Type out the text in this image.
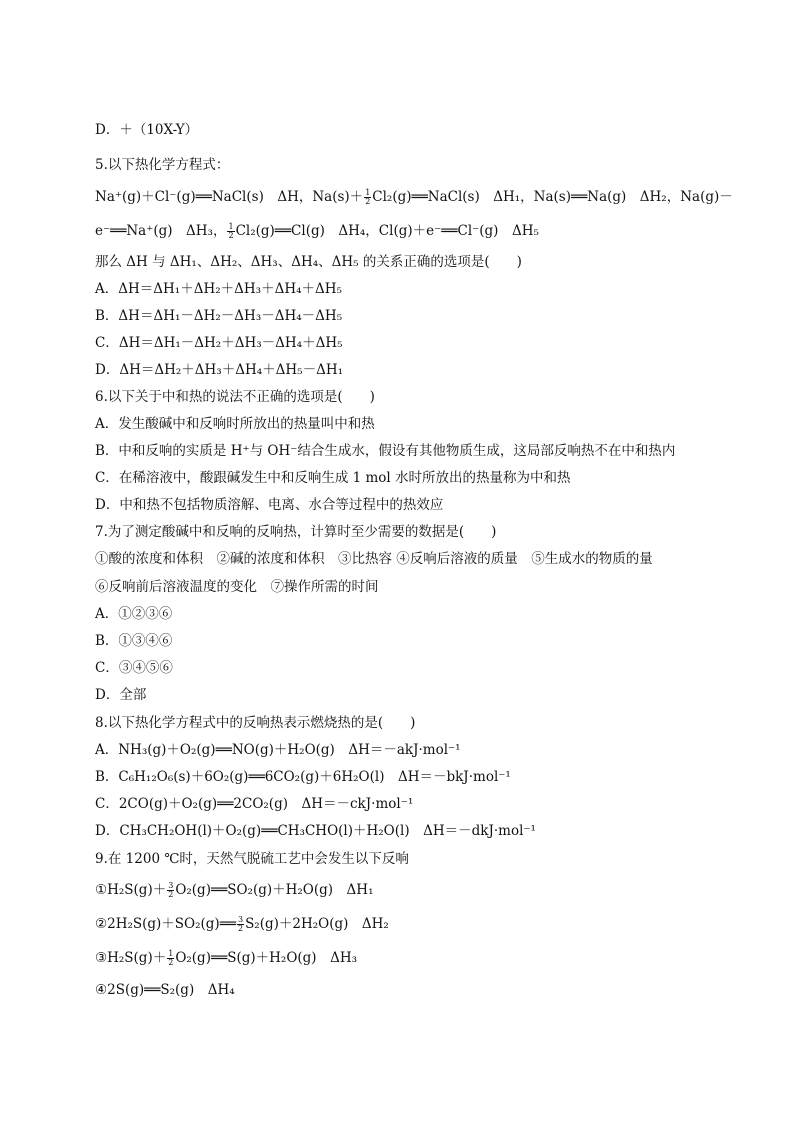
D．＋（10X-Y）
5.以下热化学方程式：
Na⁺(g)＋Cl⁻(g)══NaCl(s)　ΔH，$Na(s)+ \frac{1}{2}$ Cl₂(g)══NaCl(s)　ΔH₁，Na(s)══Na(g)　ΔH₂，Na(g)－
e⁻══Na⁺(g)　ΔH₃， $\frac{1}{2}$ Cl₂(g)══Cl(g)　ΔH₄，Cl(g)＋e⁻══Cl⁻(g)　ΔH₅
那么 ΔH 与 ΔH₁、ΔH₂、ΔH₃、ΔH₄、ΔH₅ 的关系正确的选项是(　　)
A．ΔH＝ΔH₁＋ΔH₂＋ΔH₃＋ΔH₄＋ΔH₅
B．ΔH＝ΔH₁－ΔH₂－ΔH₃－ΔH₄－ΔH₅
C．ΔH＝ΔH₁－ΔH₂＋ΔH₃－ΔH₄＋ΔH₅
D．ΔH＝ΔH₂＋ΔH₃＋ΔH₄＋ΔH₅－ΔH₁
6.以下关于中和热的说法不正确的选项是(　　)
A．发生酸碱中和反响时所放出的热量叫中和热
B．中和反响的实质是 H⁺与 OH⁻结合生成水，假设有其他物质生成，这局部反响热不在中和热内
C．在稀溶液中，酸跟碱发生中和反响生成 1 mol 水时所放出的热量称为中和热
D．中和热不包括物质溶解、电离、水合等过程中的热效应
7.为了测定酸碱中和反响的反响热，计算时至少需要的数据是(　　)
①酸的浓度和体积　②碱的浓度和体积　③比热容 ④反响后溶液的质量　⑤生成水的物质的量
⑥反响前后溶液温度的变化　⑦操作所需的时间
A．①②③⑥
B．①③④⑥
C．③④⑤⑥
D．全部
8.以下热化学方程式中的反响热表示燃烧热的是(　　)
A．NH₃(g)＋O₂(g)══NO(g)＋H₂O(g)　ΔH＝－akJ·mol⁻¹
B．C₆H₁₂O₆(s)＋6O₂(g)══6CO₂(g)＋6H₂O(l)　ΔH＝－bkJ·mol⁻¹
C．2CO(g)＋O₂(g)══2CO₂(g)　ΔH＝－ckJ·mol⁻¹
D．CH₃CH₂OH(l)＋O₂(g)══CH₃CHO(l)＋H₂O(l)　ΔH＝－dkJ·mol⁻¹
9.在 1200 ℃时，天然气脱硫工艺中会发生以下反响
①H₂S(g)＋ $\frac{3}{2}$ O₂(g)══SO₂(g)＋H₂O(g)　ΔH₁
②2H₂S(g)＋SO₂(g)══ $\frac{3}{2} S_2(g)+2H_2O(g)$　ΔH₂
③H₂S(g)＋ $\frac{1}{2}$ O₂(g)══S(g)＋H₂O(g)　ΔH₃
④2S(g)══S₂(g)　ΔH₄
